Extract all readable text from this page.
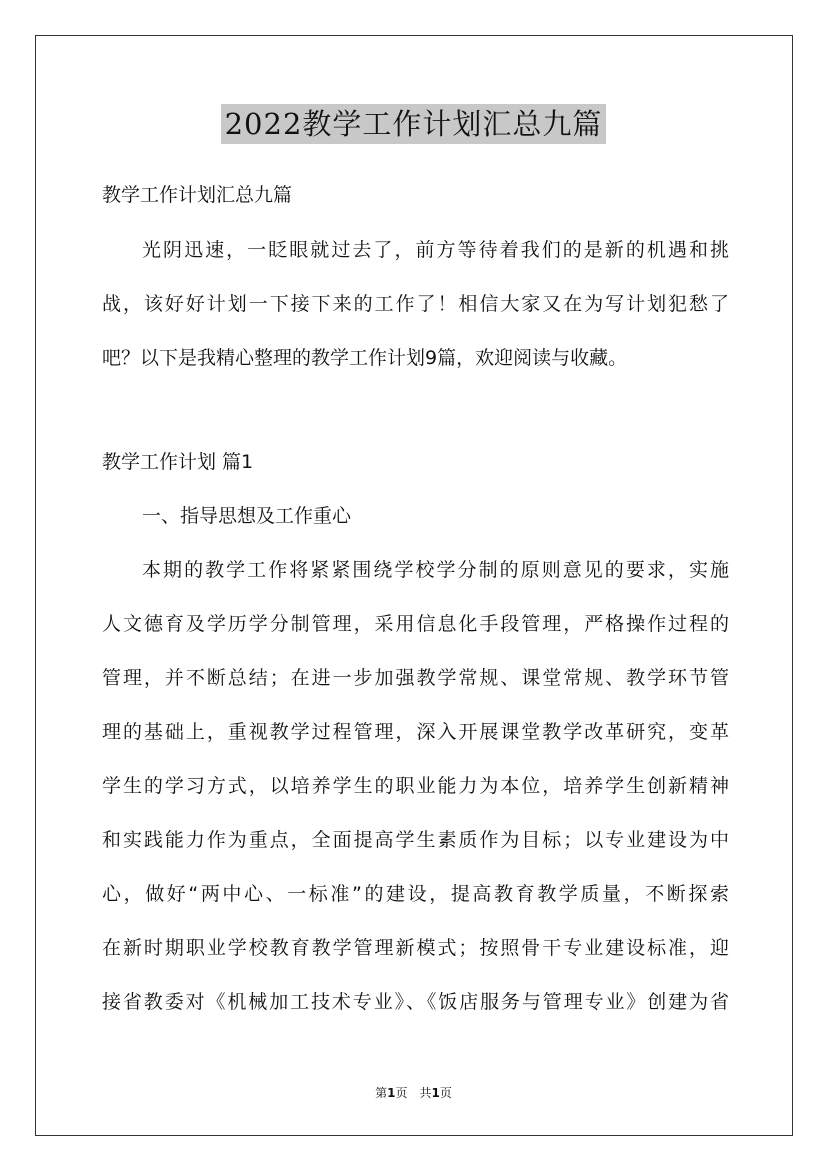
2022教学工作计划汇总九篇
教学工作计划汇总九篇
光阴迅速，一眨眼就过去了，前方等待着我们的是新的机遇和挑
战，该好好计划一下接下来的工作了！相信大家又在为写计划犯愁了
吧？以下是我精心整理的教学工作计划9篇，欢迎阅读与收藏。
教学工作计划 篇1
一、指导思想及工作重心
本期的教学工作将紧紧围绕学校学分制的原则意见的要求，实施
人文德育及学历学分制管理，采用信息化手段管理，严格操作过程的
管理，并不断总结；在进一步加强教学常规、课堂常规、教学环节管
理的基础上，重视教学过程管理，深入开展课堂教学改革研究，变革
学生的学习方式，以培养学生的职业能力为本位，培养学生创新精神
和实践能力作为重点，全面提高学生素质作为目标；以专业建设为中
心，做好“两中心、一标准”的建设，提高教育教学质量，不断探索
在新时期职业学校教育教学管理新模式；按照骨干专业建设标准，迎
接省教委对《机械加工技术专业》、《饭店服务与管理专业》创建为省
第1页　共1页
